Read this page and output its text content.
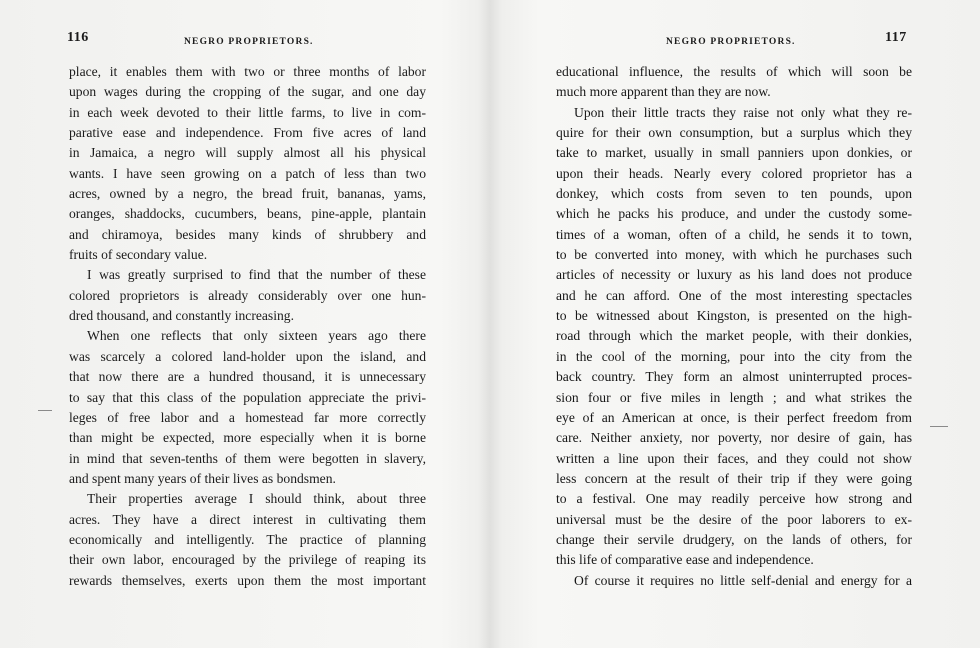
116	NEGRO PROPRIETORS.
place, it enables them with two or three months of labor
upon wages during the cropping of the sugar, and one day
in each week devoted to their little farms, to live in com-
parative ease and independence. From five acres of land
in Jamaica, a negro will supply almost all his physical
wants. I have seen growing on a patch of less than two
acres, owned by a negro, the bread fruit, bananas, yams,
oranges, shaddocks, cucumbers, beans, pine-apple, plantain
and chiramoya, besides many kinds of shrubbery and
fruits of secondary value.
I was greatly surprised to find that the number of these
colored proprietors is already considerably over one hun-
dred thousand, and constantly increasing.
When one reflects that only sixteen years ago there
was scarcely a colored land-holder upon the island, and
that now there are a hundred thousand, it is unnecessary
to say that this class of the population appreciate the privi-
leges of free labor and a homestead far more correctly
than might be expected, more especially when it is borne
in mind that seven-tenths of them were begotten in slavery,
and spent many years of their lives as bondsmen.
Their properties average I should think, about three
acres. They have a direct interest in cultivating them
economically and intelligently. The practice of planning
their own labor, encouraged by the privilege of reaping its
rewards themselves, exerts upon them the most important
NEGRO PROPRIETORS.	117
educational influence, the results of which will soon be
much more apparent than they are now.
Upon their little tracts they raise not only what they re-
quire for their own consumption, but a surplus which they
take to market, usually in small panniers upon donkies, or
upon their heads. Nearly every colored proprietor has a
donkey, which costs from seven to ten pounds, upon
which he packs his produce, and under the custody some-
times of a woman, often of a child, he sends it to town,
to be converted into money, with which he purchases such
articles of necessity or luxury as his land does not produce
and he can afford. One of the most interesting spectacles
to be witnessed about Kingston, is presented on the high-
road through which the market people, with their donkies,
in the cool of the morning, pour into the city from the
back country. They form an almost uninterrupted proces-
sion four or five miles in length ; and what strikes the
eye of an American at once, is their perfect freedom from
care. Neither anxiety, nor poverty, nor desire of gain, has
written a line upon their faces, and they could not show
less concern at the result of their trip if they were going
to a festival. One may readily perceive how strong and
universal must be the desire of the poor laborers to ex-
change their servile drudgery, on the lands of others, for
this life of comparative ease and independence.
Of course it requires no little self-denial and energy for a
